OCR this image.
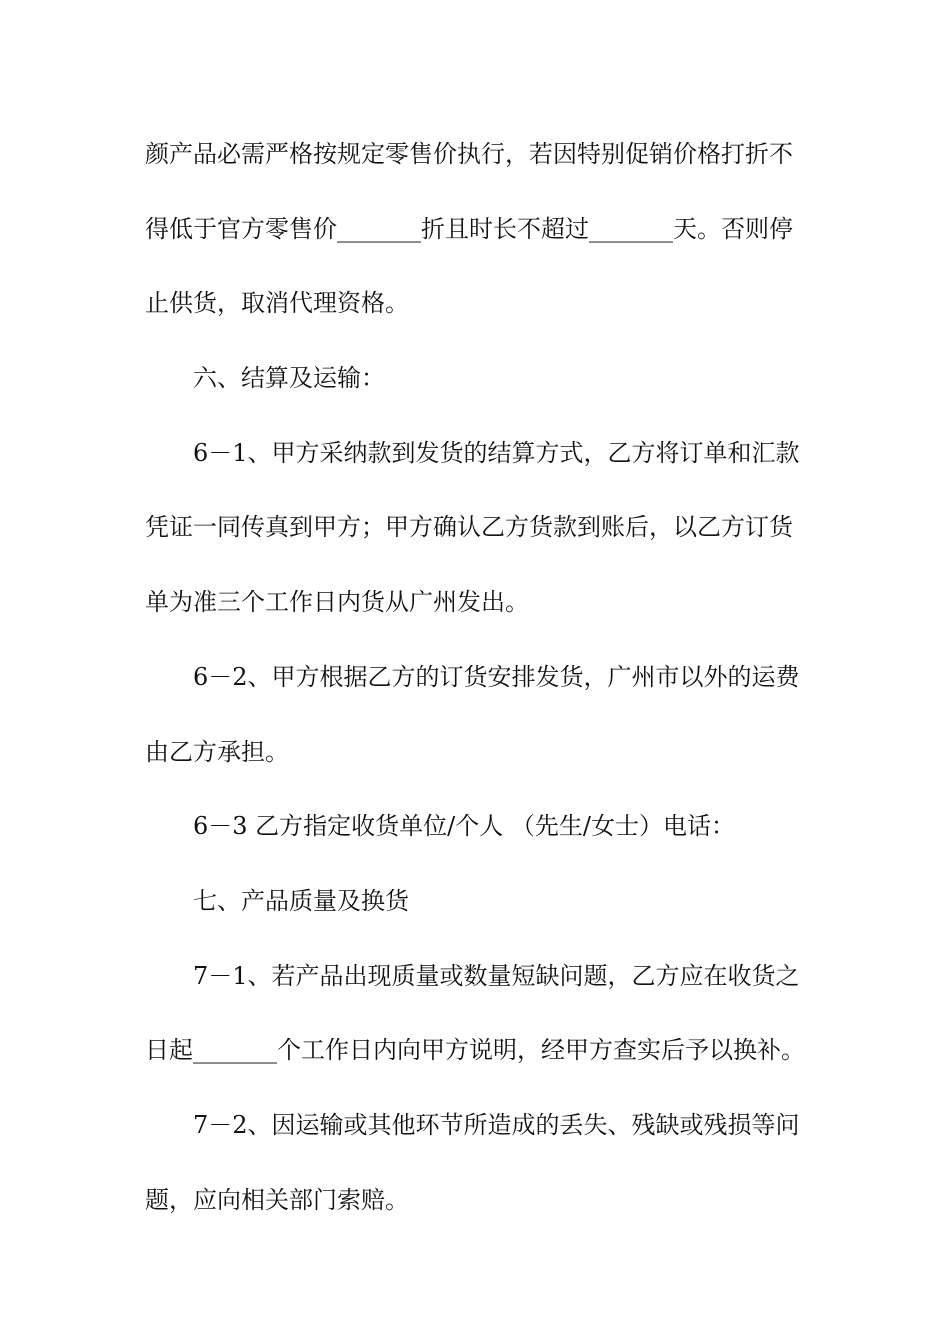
颜产品必需严格按规定零售价执行，若因特别促销价格打折不
得低于官方零售价_______折且时长不超过_______天。否则停
止供货，取消代理资格。
六、结算及运输：
6－1、甲方采纳款到发货的结算方式，乙方将订单和汇款
凭证一同传真到甲方；甲方确认乙方货款到账后，以乙方订货
单为准三个工作日内货从广州发出。
6－2、甲方根据乙方的订货安排发货，广州市以外的运费
由乙方承担。
6－3 乙方指定收货单位/个人 （先生/女士）电话：
七、产品质量及换货
7－1、若产品出现质量或数量短缺问题，乙方应在收货之
日起_______个工作日内向甲方说明，经甲方查实后予以换补。
7－2、因运输或其他环节所造成的丢失、残缺或残损等问
题，应向相关部门索赔。
